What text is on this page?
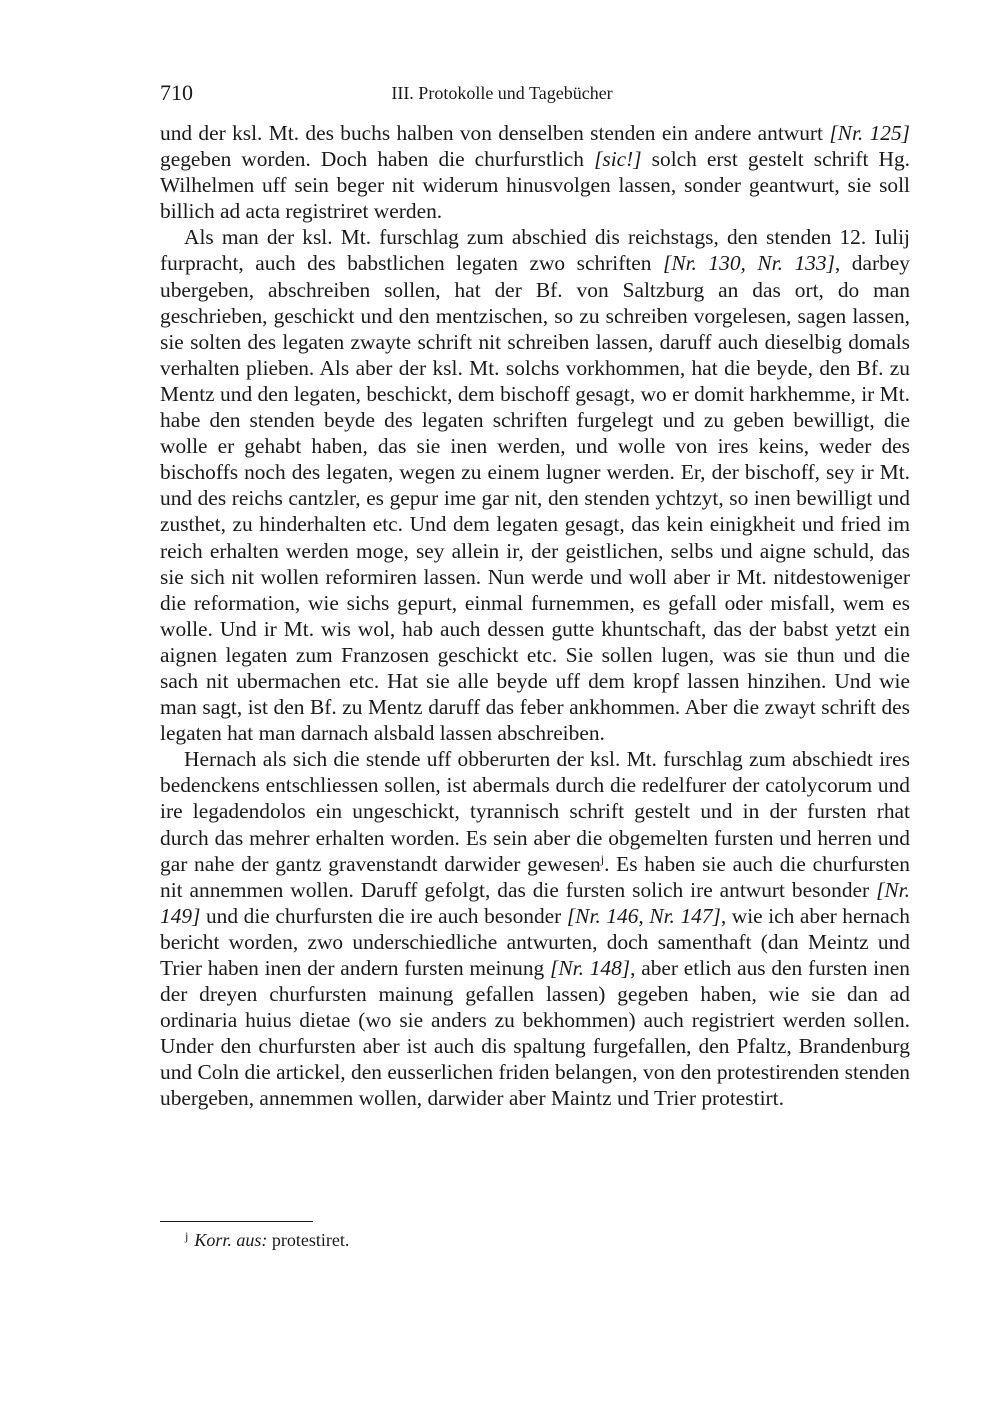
710	III. Protokolle und Tagebücher

und der ksl. Mt. des buchs halben von denselben stenden ein andere antwurt [Nr. 125] gegeben worden. Doch haben die churfurstlich [sic!] solch erst gestelt schrift Hg. Wilhelmen uff sein beger nit widerum hinusvolgen lassen, sonder geantwurt, sie soll billich ad acta registriret werden.

Als man der ksl. Mt. furschlag zum abschied dis reichstags, den stenden 12. Iulij furpracht, auch des babstlichen legaten zwo schriften [Nr. 130, Nr. 133], darbey ubergeben, abschreiben sollen, hat der Bf. von Saltzburg an das ort, do man geschrieben, geschickt und den mentzischen, so zu schreiben vorgelesen, sagen lassen, sie solten des legaten zwayte schrift nit schreiben lassen, daruff auch dieselbig domals verhalten plieben. Als aber der ksl. Mt. solchs vorkhommen, hat die beyde, den Bf. zu Mentz und den legaten, beschickt, dem bischoff gesagt, wo er domit harkhemme, ir Mt. habe den stenden beyde des legaten schriften furgelegt und zu geben bewilligt, die wolle er gehabt haben, das sie inen werden, und wolle von ires keins, weder des bischoffs noch des legaten, wegen zu einem lugner werden. Er, der bischoff, sey ir Mt. und des reichs cantzler, es gepur ime gar nit, den stenden ychtzyt, so inen bewilligt und zusthet, zu hinderhalten etc. Und dem legaten gesagt, das kein einigkheit und fried im reich erhalten werden moge, sey allein ir, der geistlichen, selbs und aigne schuld, das sie sich nit wollen reformiren lassen. Nun werde und woll aber ir Mt. nitdestoweniger die reformation, wie sichs gepurt, einmal furnemmen, es gefall oder misfall, wem es wolle. Und ir Mt. wis wol, hab auch dessen gutte khuntschaft, das der babst yetzt ein aignen legaten zum Franzosen geschickt etc. Sie sollen lugen, was sie thun und die sach nit ubermachen etc. Hat sie alle beyde uff dem kropf lassen hinzihen. Und wie man sagt, ist den Bf. zu Mentz daruff das feber ankhommen. Aber die zwayt schrift des legaten hat man darnach alsbald lassen abschreiben.

Hernach als sich die stende uff obberurten der ksl. Mt. furschlag zum abschiedt ires bedenckens entschliessen sollen, ist abermals durch die redelfurer der catolycorum und ire legadendolos ein ungeschickt, tyrannisch schrift gestelt und in der fursten rhat durch das mehrer erhalten worden. Es sein aber die obgemelten fursten und herren und gar nahe der gantz gravenstandt darwider gewesen$^j$. Es haben sie auch die churfursten nit annemmen wollen. Daruff gefolgt, das die fursten solich ire antwurt besonder [Nr. 149] und die churfursten die ire auch besonder [Nr. 146, Nr. 147], wie ich aber hernach bericht worden, zwo underschiedliche antwurten, doch samenthaft (dan Meintz und Trier haben inen der andern fursten meinung [Nr. 148], aber etlich aus den fursten inen der dreyen churfursten mainung gefallen lassen) gegeben haben, wie sie dan ad ordinaria huius dietae (wo sie anders zu bekhommen) auch registriert werden sollen. Under den churfursten aber ist auch dis spaltung furgefallen, den Pfaltz, Brandenburg und Coln die artickel, den eusserlichen friden belangen, von den protestirenden stenden ubergeben, annemmen wollen, darwider aber Maintz und Trier protestirt.

$^j$ Korr. aus: protestiret.
